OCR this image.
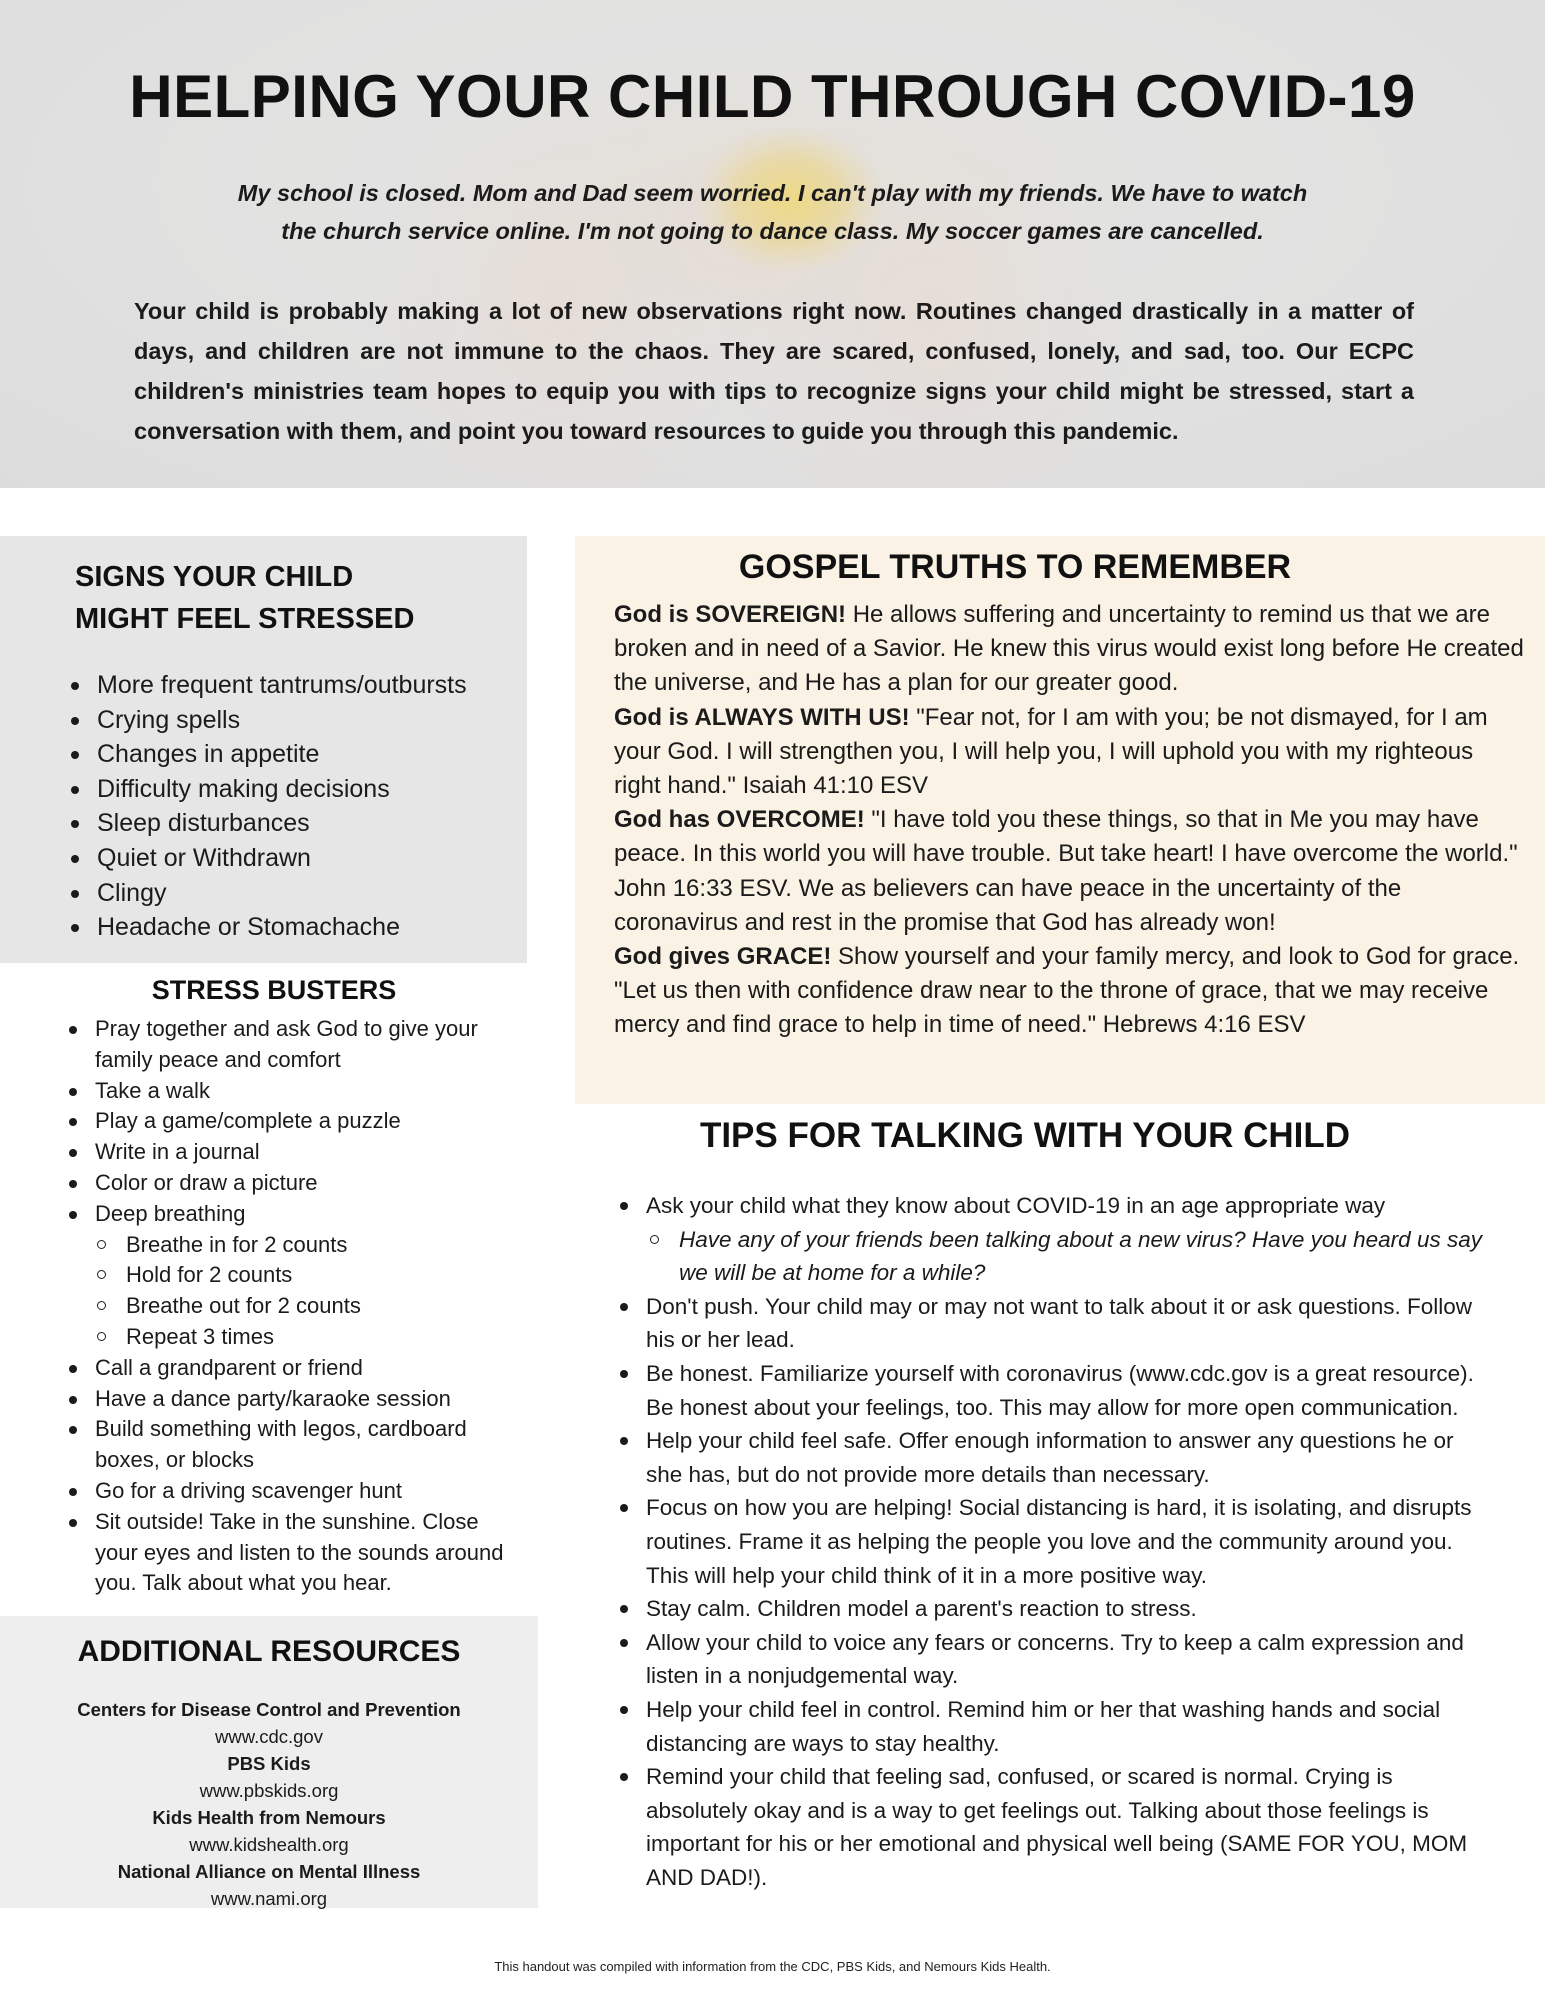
HELPING YOUR CHILD THROUGH COVID-19

My school is closed. Mom and Dad seem worried. I can't play with my friends. We have to watch
the church service online. I'm not going to dance class. My soccer games are cancelled.

Your child is probably making a lot of new observations right now. Routines changed drastically in a matter of days, and children are not immune to the chaos. They are scared, confused, lonely, and sad, too. Our ECPC children's ministries team hopes to equip you with tips to recognize signs your child might be stressed, start a conversation with them, and point you toward resources to guide you through this pandemic.

SIGNS YOUR CHILD
MIGHT FEEL STRESSED
More frequent tantrums/outbursts
Crying spells
Changes in appetite
Difficulty making decisions
Sleep disturbances
Quiet or Withdrawn
Clingy
Headache or Stomachache
STRESS BUSTERS
Pray together and ask God to give your family peace and comfort
Take a walk
Play a game/complete a puzzle
Write in a journal
Color or draw a picture
Deep breathing
Breathe in for 2 counts
Hold for 2 counts
Breathe out for 2 counts
Repeat 3 times
Call a grandparent or friend
Have a dance party/karaoke session
Build something with legos, cardboard boxes, or blocks
Go for a driving scavenger hunt
Sit outside! Take in the sunshine. Close your eyes and listen to the sounds around you. Talk about what you hear.
ADDITIONAL RESOURCES
Centers for Disease Control and Prevention
www.cdc.gov
PBS Kids
www.pbskids.org
Kids Health from Nemours
www.kidshealth.org
National Alliance on Mental Illness
www.nami.org
GOSPEL TRUTHS TO REMEMBER

God is SOVEREIGN! He allows suffering and uncertainty to remind us that we are broken and in need of a Savior. He knew this virus would exist long before He created the universe, and He has a plan for our greater good.

God is ALWAYS WITH US! "Fear not, for I am with you; be not dismayed, for I am your God. I will strengthen you, I will help you, I will uphold you with my righteous right hand." Isaiah 41:10 ESV

God has OVERCOME! "I have told you these things, so that in Me you may have peace. In this world you will have trouble. But take heart! I have overcome the world." John 16:33 ESV. We as believers can have peace in the uncertainty of the coronavirus and rest in the promise that God has already won!

God gives GRACE! Show yourself and your family mercy, and look to God for grace. "Let us then with confidence draw near to the throne of grace, that we may receive mercy and find grace to help in time of need." Hebrews 4:16 ESV

TIPS FOR TALKING WITH YOUR CHILD
Ask your child what they know about COVID-19 in an age appropriate way
Have any of your friends been talking about a new virus? Have you heard us say we will be at home for a while?
Don't push. Your child may or may not want to talk about it or ask questions. Follow his or her lead.
Be honest. Familiarize yourself with coronavirus (www.cdc.gov is a great resource). Be honest about your feelings, too. This may allow for more open communication.
Help your child feel safe. Offer enough information to answer any questions he or she has, but do not provide more details than necessary.
Focus on how you are helping! Social distancing is hard, it is isolating, and disrupts routines. Frame it as helping the people you love and the community around you. This will help your child think of it in a more positive way.
Stay calm. Children model a parent's reaction to stress.
Allow your child to voice any fears or concerns. Try to keep a calm expression and listen in a nonjudgemental way.
Help your child feel in control. Remind him or her that washing hands and social distancing are ways to stay healthy.
Remind your child that feeling sad, confused, or scared is normal. Crying is absolutely okay and is a way to get feelings out. Talking about those feelings is important for his or her emotional and physical well being (SAME FOR YOU, MOM AND DAD!).

This handout was compiled with information from the CDC, PBS Kids, and Nemours Kids Health.
